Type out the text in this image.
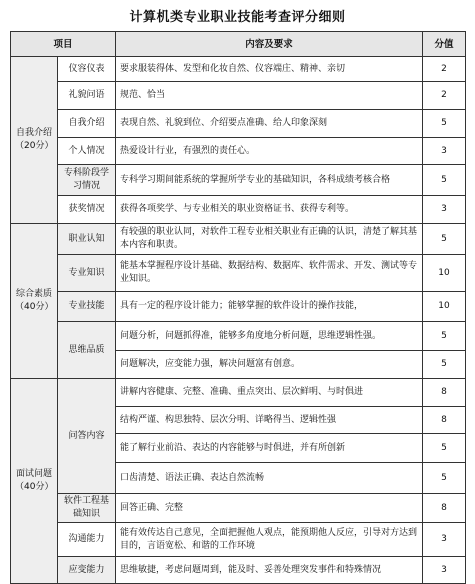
计算机类专业职业技能考查评分细则
项目		内容及要求	分值
自我介绍（20分）	仪容仪表	要求服装得体、发型和化妆自然、仪容端庄、精神、亲切	2
	礼貌问语	规范、恰当	2
	自我介绍	表现自然、礼貌到位、介绍要点准确、给人印象深刻	5
	个人情况	热爱设计行业，有强烈的责任心。	3
	专科阶段学习情况	专科学习期间能系统的掌握所学专业的基础知识，各科成绩考核合格	5
	获奖情况	获得各项奖学、与专业相关的职业资格证书、获得专利等。	3
综合素质（40分）	职业认知	有较强的职业认同，对软件工程专业相关职业有正确的认识，清楚了解其基本内容和职责。	5
	专业知识	能基本掌握程序设计基础、数据结构、数据库、软件需求、开发、测试等专业知识。	10
	专业技能	具有一定的程序设计能力；能够掌握的软件设计的操作技能，	10
	思维品质	问题分析，问题抓得准，能够多角度地分析问题，思维逻辑性强。	5
		问题解决，应变能力强，解决问题富有创意。	5
面试问题（40分）	问答内容	讲解内容健康、完整、准确、重点突出、层次鲜明、与时俱进	8
		结构严谨、构思独特、层次分明、详略得当、逻辑性强	8
		能了解行业前沿、表达的内容能够与时俱进，并有所创新	5
		口齿清楚、语法正确、表达自然流畅	5
	软件工程基础知识	回答正确、完整	8
	沟通能力	能有效传达自己意见，全面把握他人观点，能预期他人反应，引导对方达到目的，言语宽松、和谐的工作环境	3
	应变能力	思维敏捷，考虑问题周到，能及时、妥善处理突发事件和特殊情况	3
